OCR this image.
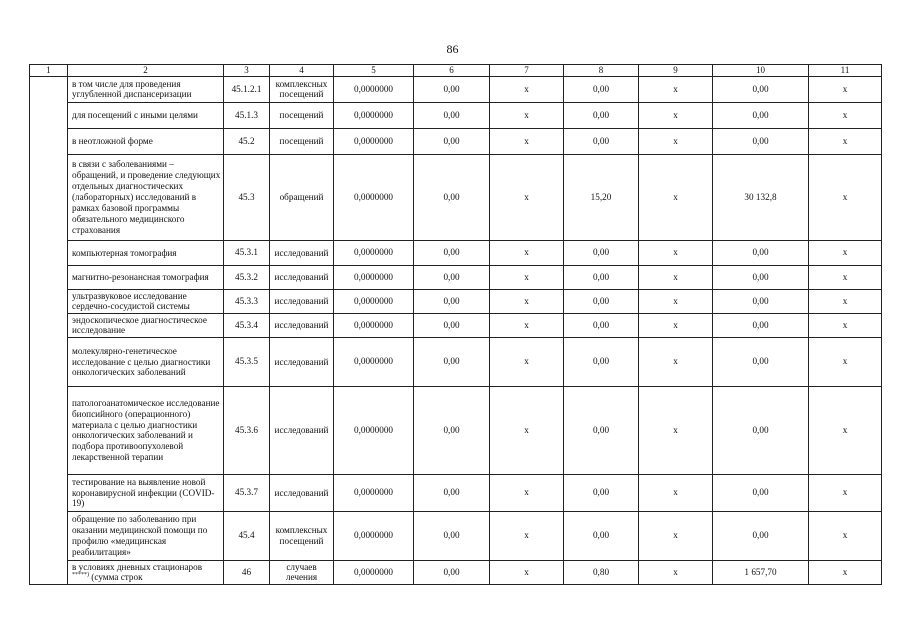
86
1	2	3	4	5	6	7	8	9	10	11
	в том числе для проведения углубленной диспансеризации	45.1.2.1	комплексных посещений	0,0000000	0,00	x	0,00	x	0,00	x
	для посещений с иными целями	45.1.3	посещений	0,0000000	0,00	x	0,00	x	0,00	x
	в неотложной форме	45.2	посещений	0,0000000	0,00	x	0,00	x	0,00	x
	в связи с заболеваниями – обращений, и проведение следующих отдельных диагностических (лабораторных) исследований в рамках базовой программы обязательного медицинского страхования	45.3	обращений	0,0000000	0,00	x	15,20	x	30 132,8	x
	компьютерная томография	45.3.1	исследований	0,0000000	0,00	x	0,00	x	0,00	x
	магнитно-резонансная томография	45.3.2	исследований	0,0000000	0,00	x	0,00	x	0,00	x
	ультразвуковое исследование сердечно-сосудистой системы	45.3.3	исследований	0,0000000	0,00	x	0,00	x	0,00	x
	эндоскопическое диагностическое исследование	45.3.4	исследований	0,0000000	0,00	x	0,00	x	0,00	x
	молекулярно-генетическое исследование с целью диагностики онкологических заболеваний	45.3.5	исследований	0,0000000	0,00	x	0,00	x	0,00	x
	патологоанатомическое исследование биопсийного (операционного) материала с целью диагностики онкологических заболеваний и подбора противоопухолевой лекарственной терапии	45.3.6	исследований	0,0000000	0,00	x	0,00	x	0,00	x
	тестирование на выявление новой коронавирусной инфекции (COVID-19)	45.3.7	исследований	0,0000000	0,00	x	0,00	x	0,00	x
	обращение по заболеванию при оказании медицинской помощи по профилю «медицинская реабилитация»	45.4	комплексных посещений	0,0000000	0,00	x	0,00	x	0,00	x
	в условиях дневных стационаров *****) (сумма строк	46	случаев лечения	0,0000000	0,00	x	0,80	x	1 657,70	x
